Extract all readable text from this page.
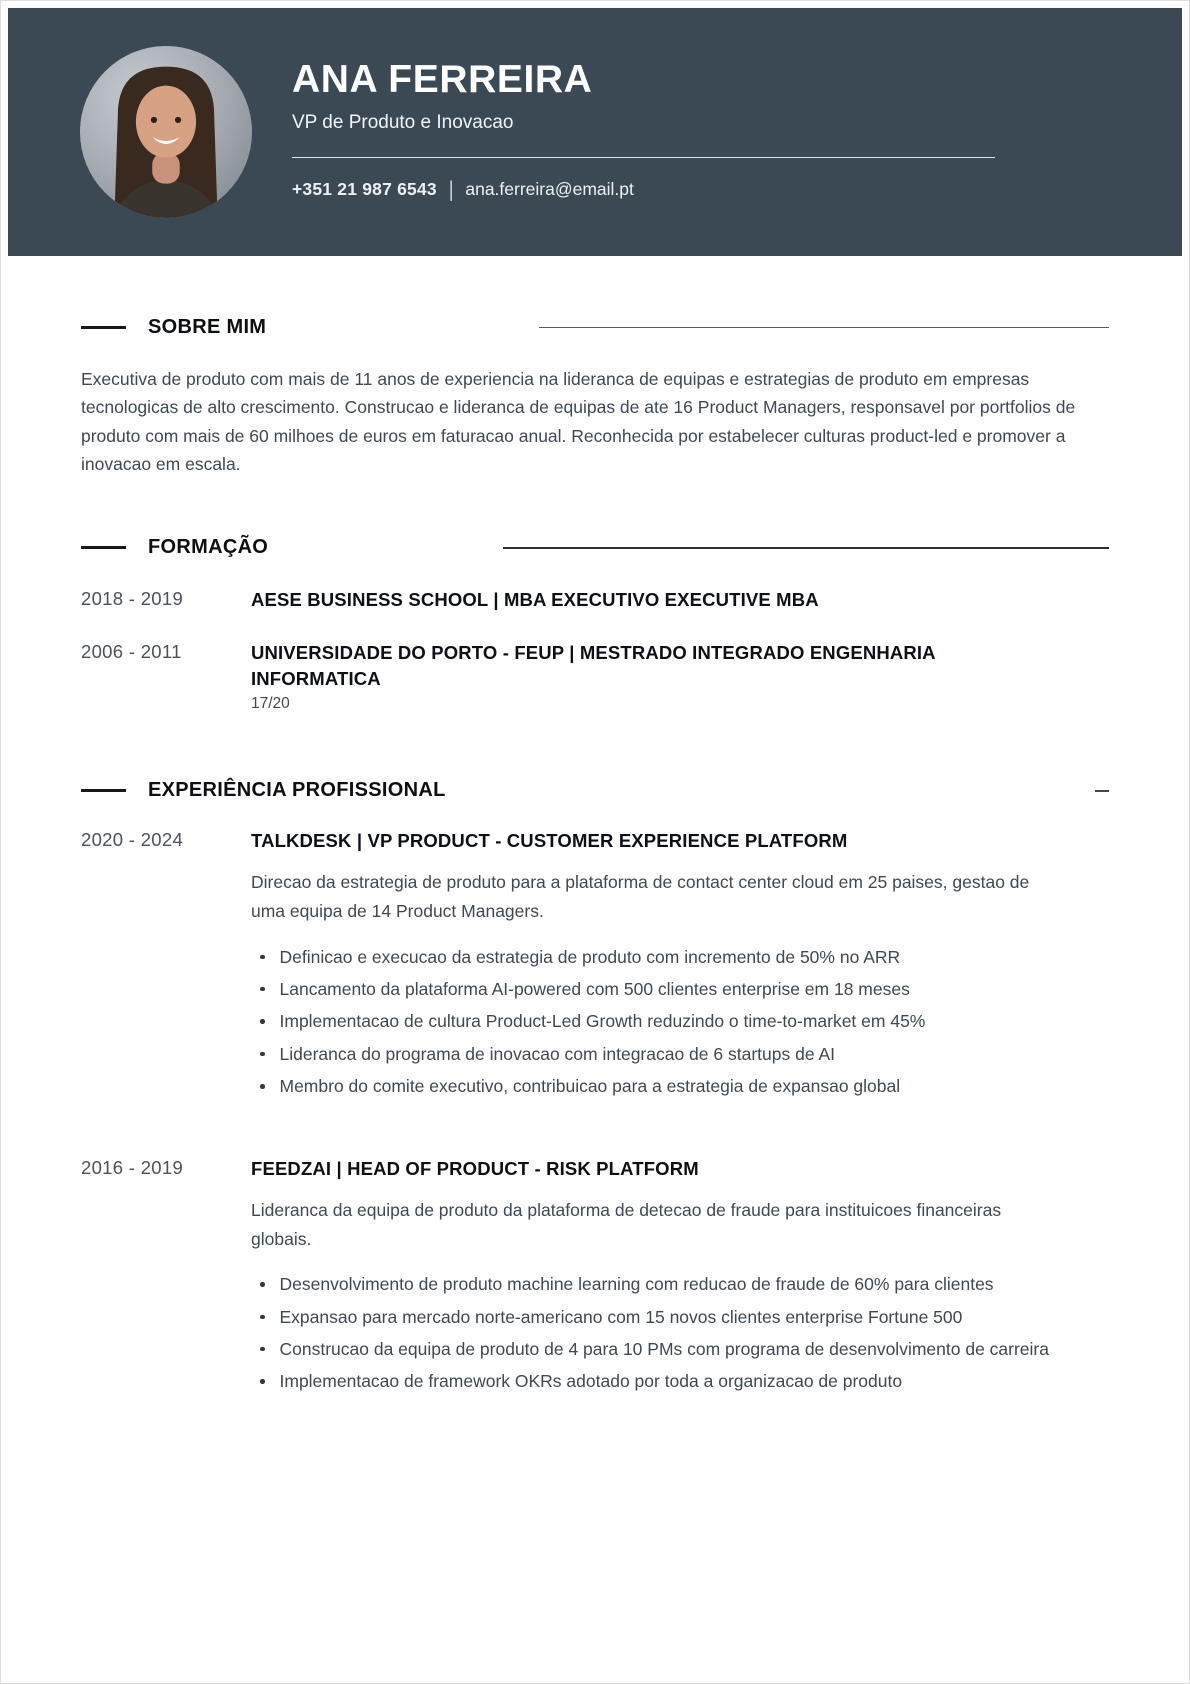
ANA FERREIRA
VP de Produto e Inovacao
+351 21 987 6543 | ana.ferreira@email.pt
SOBRE MIM
Executiva de produto com mais de 11 anos de experiencia na lideranca de equipas e estrategias de produto em empresas tecnologicas de alto crescimento. Construcao e lideranca de equipas de ate 16 Product Managers, responsavel por portfolios de produto com mais de 60 milhoes de euros em faturacao anual. Reconhecida por estabelecer culturas product-led e promover a inovacao em escala.
FORMAÇÃO
2018 - 2019	AESE BUSINESS SCHOOL | MBA EXECUTIVO EXECUTIVE MBA
2006 - 2011	UNIVERSIDADE DO PORTO - FEUP | MESTRADO INTEGRADO ENGENHARIA INFORMATICA
17/20
EXPERIÊNCIA PROFISSIONAL
2020 - 2024	TALKDESK | VP PRODUCT - CUSTOMER EXPERIENCE PLATFORM
Direcao da estrategia de produto para a plataforma de contact center cloud em 25 paises, gestao de uma equipa de 14 Product Managers.
Definicao e execucao da estrategia de produto com incremento de 50% no ARR
Lancamento da plataforma AI-powered com 500 clientes enterprise em 18 meses
Implementacao de cultura Product-Led Growth reduzindo o time-to-market em 45%
Lideranca do programa de inovacao com integracao de 6 startups de AI
Membro do comite executivo, contribuicao para a estrategia de expansao global
2016 - 2019	FEEDZAI | HEAD OF PRODUCT - RISK PLATFORM
Lideranca da equipa de produto da plataforma de detecao de fraude para instituicoes financeiras globais.
Desenvolvimento de produto machine learning com reducao de fraude de 60% para clientes
Expansao para mercado norte-americano com 15 novos clientes enterprise Fortune 500
Construcao da equipa de produto de 4 para 10 PMs com programa de desenvolvimento de carreira
Implementacao de framework OKRs adotado por toda a organizacao de produto
